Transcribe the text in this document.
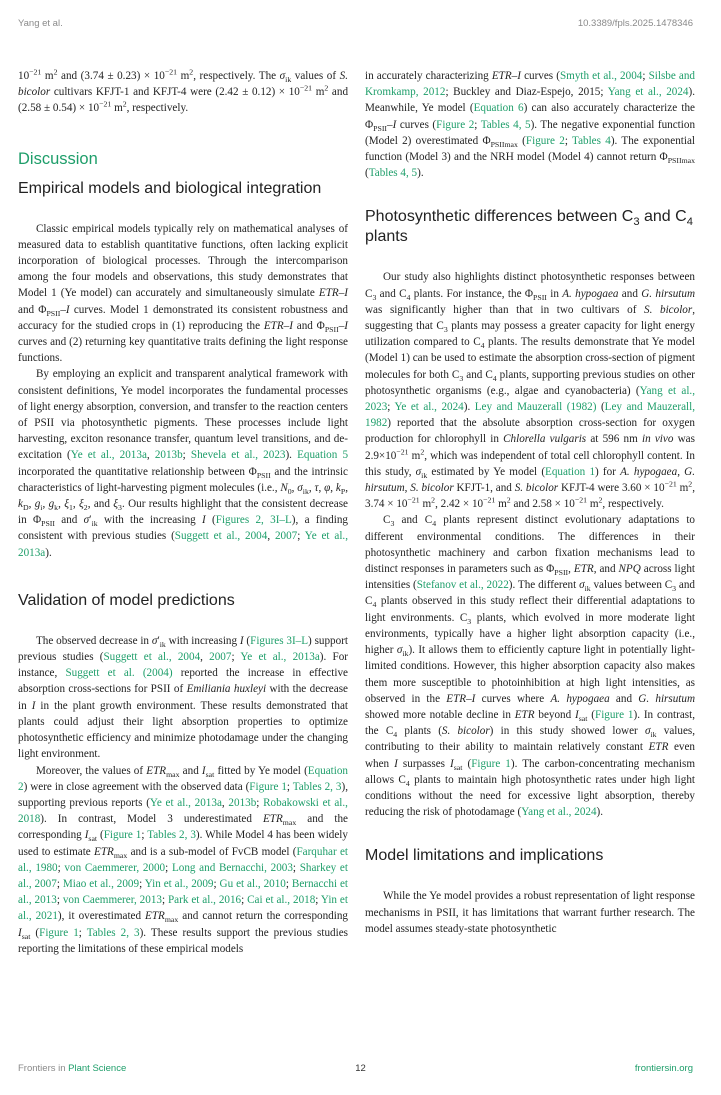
Yang et al.	10.3389/fpls.2025.1478346

$10^{-21}$ $m^2$ and $(3.74 \pm 0.23) \times 10^{-21}$ $m^2$, respectively. The $\sigma_{ik}$ values of S. bicolor cultivars KFJT-1 and KFJT-4 were $(2.42 \pm 0.12) \times 10^{-21}$ $m^2$ and $(2.58 \pm 0.54) \times 10^{-21}$ $m^2$, respectively.

Discussion
Empirical models and biological integration

Classic empirical models typically rely on mathematical analyses of measured data to establish quantitative functions, often lacking explicit incorporation of biological processes. Through the intercomparison among the four models and observations, this study demonstrates that Model 1 (Ye model) can accurately and simultaneously simulate ETR–I and $\Phi_{PSII}-I$ curves. Model 1 demonstrated its consistent robustness and accuracy for the studied crops in (1) reproducing the ETR–I and $\Phi_{PSII}-I$ curves and (2) returning key quantitative traits defining the light response functions.

By employing an explicit and transparent analytical framework with consistent definitions, Ye model incorporates the fundamental processes of light energy absorption, conversion, and transfer to the reaction centers of PSII via photosynthetic pigments. These processes include light harvesting, exciton resonance transfer, quantum level transitions, and de-excitation (Ye et al., 2013a, 2013b; Shevela et al., 2023). Equation 5 incorporated the quantitative relationship between $\Phi_{PSII}$ and the intrinsic characteristics of light-harvesting pigment molecules (i.e., $N_0$, $\sigma_{ik}$, τ, φ, $k_P$, $k_D$, $g_i$, $g_k$, $\xi_1$, $\xi_2$, and $\xi_3$. Our results highlight that the consistent decrease in $\Phi_{PSII}$ and $\sigma'_{ik}$ with the increasing I (Figures 2, 3I–L), a finding consistent with previous studies (Suggett et al., 2004, 2007; Ye et al., 2013a).

Validation of model predictions

The observed decrease in $\sigma'_{ik}$ with increasing I (Figures 3I–L) support previous studies (Suggett et al., 2004, 2007; Ye et al., 2013a). For instance, Suggett et al. (2004) reported the increase in effective absorption cross-sections for PSII of Emiliania huxleyi with the decrease in I in the plant growth environment. These results demonstrated that plants could adjust their light absorption properties to optimize photosynthetic efficiency and minimize photodamage under the changing light environment.

Moreover, the values of $ETR_{max}$ and $I_{sat}$ fitted by Ye model (Equation 2) were in close agreement with the observed data (Figure 1; Tables 2, 3), supporting previous reports (Ye et al., 2013a, 2013b; Robakowski et al., 2018). In contrast, Model 3 underestimated $ETR_{max}$ and the corresponding $I_{sat}$ (Figure 1; Tables 2, 3). While Model 4 has been widely used to estimate $ETR_{max}$ and is a sub-model of FvCB model (Farquhar et al., 1980; von Caemmerer, 2000; Long and Bernacchi, 2003; Sharkey et al., 2007; Miao et al., 2009; Yin et al., 2009; Gu et al., 2010; Bernacchi et al., 2013; von Caemmerer, 2013; Park et al., 2016; Cai et al., 2018; Yin et al., 2021), it overestimated $ETR_{max}$ and cannot return the corresponding $I_{sat}$ (Figure 1; Tables 2, 3). These results support the previous studies reporting the limitations of these empirical models

in accurately characterizing ETR–I curves (Smyth et al., 2004; Silsbe and Kromkamp, 2012; Buckley and Diaz-Espejo, 2015; Yang et al., 2024). Meanwhile, Ye model (Equation 6) can also accurately characterize the $\Phi_{PSII}-I$ curves (Figure 2; Tables 4, 5). The negative exponential function (Model 2) overestimated $\Phi_{PSIImax}$ (Figure 2; Tables 4). The exponential function (Model 3) and the NRH model (Model 4) cannot return $\Phi_{PSIImax}$ (Tables 4, 5).

Photosynthetic differences between $C_3$ and $C_4$ plants

Our study also highlights distinct photosynthetic responses between $C_3$ and $C_4$ plants. For instance, the $\Phi_{PSII}$ in A. hypogaea and G. hirsutum was significantly higher than that in two cultivars of S. bicolor, suggesting that $C_3$ plants may possess a greater capacity for light energy utilization compared to $C_4$ plants. The results demonstrate that Ye model (Model 1) can be used to estimate the absorption cross-section of pigment molecules for both $C_3$ and $C_4$ plants, supporting previous studies on other photosynthetic organisms (e.g., algae and cyanobacteria) (Yang et al., 2023; Ye et al., 2024). Ley and Mauzerall (1982) (Ley and Mauzerall, 1982) reported that the absolute absorption cross-section for oxygen production for chlorophyll in Chlorella vulgaris at 596 nm in vivo was $2.9\times 10^{-21}$ $m^2$, which was independent of total cell chlorophyll content. In this study, $\sigma_{ik}$ estimated by Ye model (Equation 1) for A. hypogaea, G. hirsutum, S. bicolor KFJT-1, and S. bicolor KFJT-4 were $3.60 \times 10^{-21}$ $m^2$, $3.74 \times 10^{-21}$ $m^2$, $2.42 \times 10^{-21}$ $m^2$ and $2.58 \times 10^{-21}$ $m^2$, respectively.

$C_3$ and $C_4$ plants represent distinct evolutionary adaptations to different environmental conditions. The differences in their photosynthetic machinery and carbon fixation mechanisms lead to distinct responses in parameters such as $\Phi_{PSII}$, ETR, and NPQ across light intensities (Stefanov et al., 2022). The different $\sigma_{ik}$ values between $C_3$ and $C_4$ plants observed in this study reflect their differential adaptations to light environments. $C_3$ plants, which evolved in more moderate light environments, typically have a higher light absorption capacity (i.e., higher $\sigma_{ik}$). It allows them to efficiently capture light in potentially light-limited conditions. However, this higher absorption capacity also makes them more susceptible to photoinhibition at high light intensities, as observed in the ETR–I curves where A. hypogaea and G. hirsutum showed more notable decline in ETR beyond $I_{sat}$ (Figure 1). In contrast, the $C_4$ plants (S. bicolor) in this study showed lower $\sigma_{ik}$ values, contributing to their ability to maintain relatively constant ETR even when I surpasses $I_{sat}$ (Figure 1). The carbon-concentrating mechanism allows $C_4$ plants to maintain high photosynthetic rates under high light conditions without the need for excessive light absorption, thereby reducing the risk of photodamage (Yang et al., 2024).

Model limitations and implications

While the Ye model provides a robust representation of light response mechanisms in PSII, it has limitations that warrant further research. The model assumes steady-state photosynthetic

Frontiers in Plant Science	12	frontiersin.org
